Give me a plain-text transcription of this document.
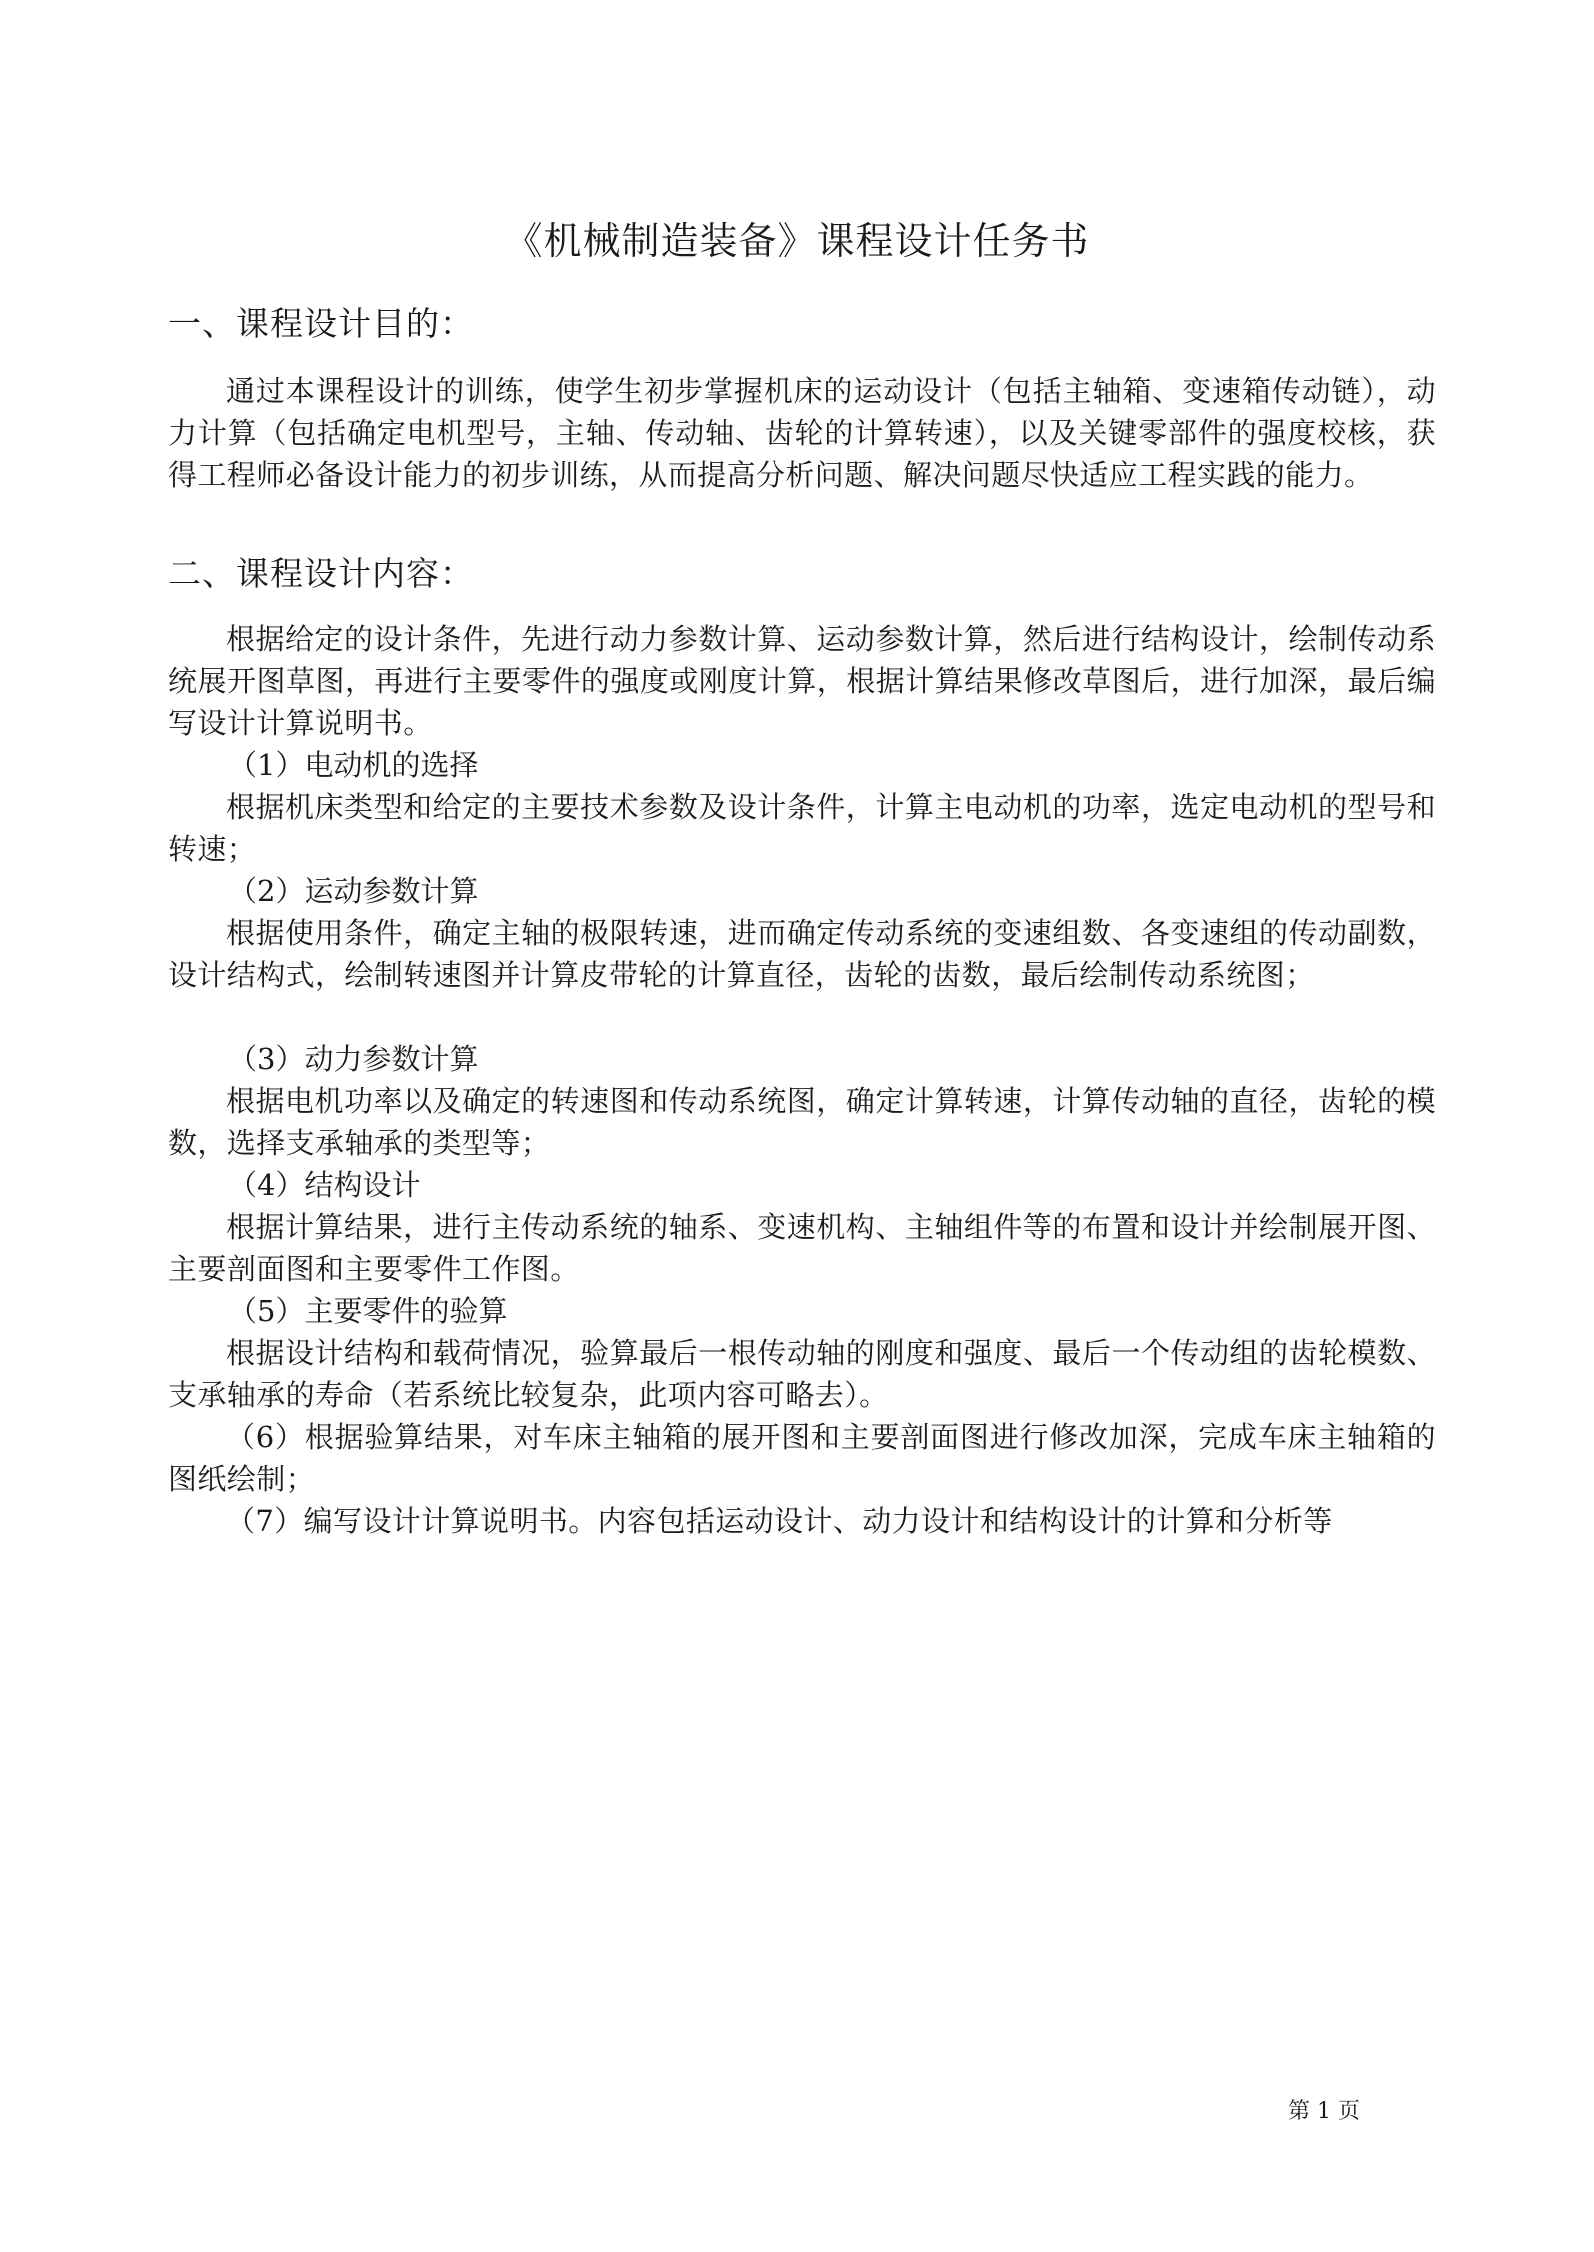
《机械制造装备》课程设计任务书
一、课程设计目的：

通过本课程设计的训练，使学生初步掌握机床的运动设计（包括主轴箱、变速箱传动链），动力计算（包括确定电机型号，主轴、传动轴、齿轮的计算转速），以及关键零部件的强度校核，获得工程师必备设计能力的初步训练，从而提高分析问题、解决问题尽快适应工程实践的能力。

二、课程设计内容：

根据给定的设计条件，先进行动力参数计算、运动参数计算，然后进行结构设计，绘制传动系统展开图草图，再进行主要零件的强度或刚度计算，根据计算结果修改草图后，进行加深，最后编写设计计算说明书。

（1）电动机的选择

根据机床类型和给定的主要技术参数及设计条件，计算主电动机的功率，选定电动机的型号和转速；

（2）运动参数计算

根据使用条件，确定主轴的极限转速，进而确定传动系统的变速组数、各变速组的传动副数，设计结构式，绘制转速图并计算皮带轮的计算直径，齿轮的齿数，最后绘制传动系统图；

（3）动力参数计算

根据电机功率以及确定的转速图和传动系统图，确定计算转速，计算传动轴的直径，齿轮的模数，选择支承轴承的类型等；

（4）结构设计

根据计算结果，进行主传动系统的轴系、变速机构、主轴组件等的布置和设计并绘制展开图、主要剖面图和主要零件工作图。

（5）主要零件的验算

根据设计结构和载荷情况，验算最后一根传动轴的刚度和强度、最后一个传动组的齿轮模数、支承轴承的寿命（若系统比较复杂，此项内容可略去）。

（6）根据验算结果，对车床主轴箱的展开图和主要剖面图进行修改加深，完成车床主轴箱的图纸绘制；

（7）编写设计计算说明书。内容包括运动设计、动力设计和结构设计的计算和分析等

第 1 页
